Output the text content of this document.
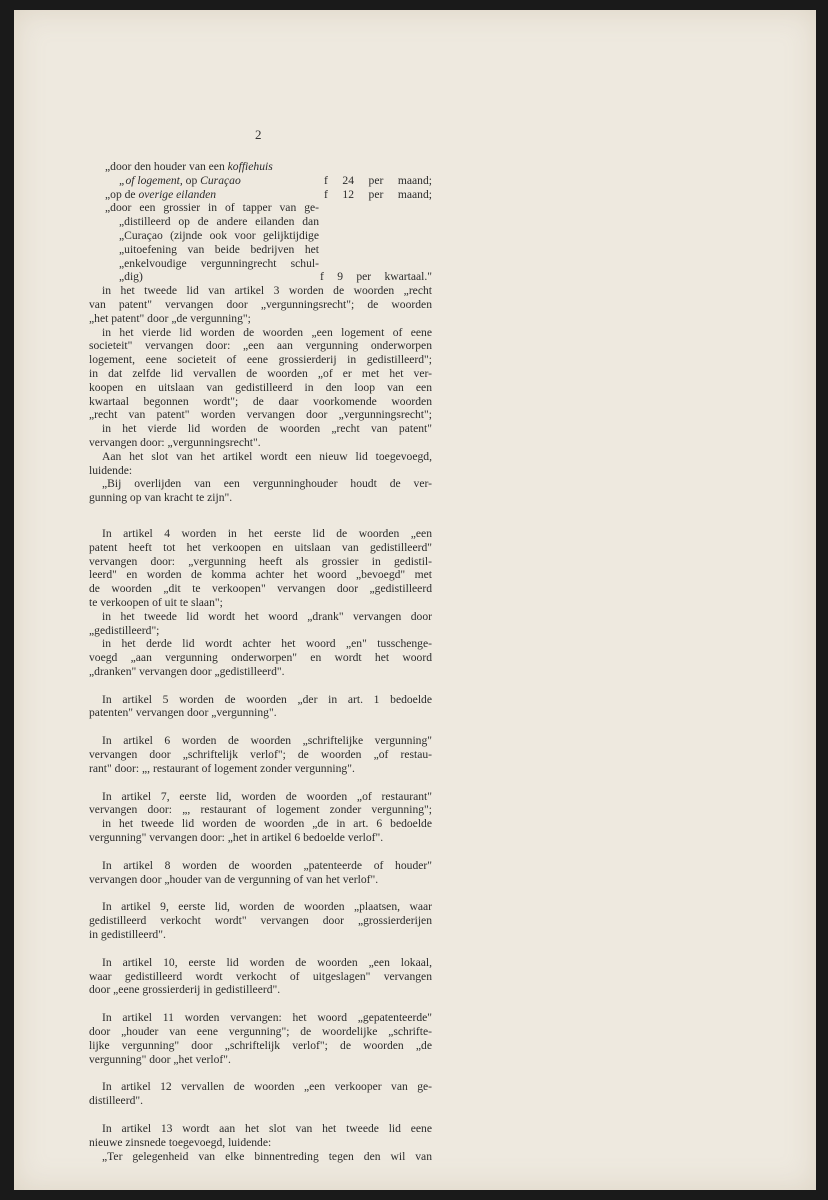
2
„door den houder van een koffiehuis
„of logement, op Curaçao	f 24 per maand;
„op de overige eilanden	f 12 per maand;
„door een grossier in of tapper van ge-
„distilleerd op de andere eilanden dan
„Curaçao (zijnde ook voor gelijktijdige
„uitoefening van beide bedrijven het
„enkelvoudige vergunningrecht schul-
„dig)	f 9 per kwartaal."
in het tweede lid van artikel 3 worden de woorden „recht
van patent" vervangen door „vergunningsrecht"; de woorden
„het patent" door „de vergunning";
in het vierde lid worden de woorden „een logement of eene
societeit" vervangen door: „een aan vergunning onderworpen
logement, eene societeit of eene grossierderij in gedistilleerd";
in dat zelfde lid vervallen de woorden „of er met het ver-
koopen en uitslaan van gedistilleerd in den loop van een
kwartaal begonnen wordt"; de daar voorkomende woorden
„recht van patent" worden vervangen door „vergunningsrecht";
in het vierde lid worden de woorden „recht van patent"
vervangen door: „vergunningsrecht".
Aan het slot van het artikel wordt een nieuw lid toegevoegd,
luidende:
„Bij overlijden van een vergunninghouder houdt de ver-
gunning op van kracht te zijn".
In artikel 4 worden in het eerste lid de woorden „een
patent heeft tot het verkoopen en uitslaan van gedistilleerd"
vervangen door: „vergunning heeft als grossier in gedistil-
leerd" en worden de komma achter het woord „bevoegd" met
de woorden „dit te verkoopen" vervangen door „gedistilleerd
te verkoopen of uit te slaan";
in het tweede lid wordt het woord „drank" vervangen door
„gedistilleerd";
in het derde lid wordt achter het woord „en" tusschenge-
voegd „aan vergunning onderworpen" en wordt het woord
„dranken" vervangen door „gedistilleerd".
In artikel 5 worden de woorden „der in art. 1 bedoelde
patenten" vervangen door „vergunning".
In artikel 6 worden de woorden „schriftelijke vergunning"
vervangen door „schriftelijk verlof"; de woorden „of restau-
rant" door: „, restaurant of logement zonder vergunning".
In artikel 7, eerste lid, worden de woorden „of restaurant"
vervangen door: „, restaurant of logement zonder vergunning";
in het tweede lid worden de woorden „de in art. 6 bedoelde
vergunning" vervangen door: „het in artikel 6 bedoelde verlof".
In artikel 8 worden de woorden „patenteerde of houder"
vervangen door „houder van de vergunning of van het verlof".
In artikel 9, eerste lid, worden de woorden „plaatsen, waar
gedistilleerd verkocht wordt" vervangen door „grossierderijen
in gedistilleerd".
In artikel 10, eerste lid worden de woorden „een lokaal,
waar gedistilleerd wordt verkocht of uitgeslagen" vervangen
door „eene grossierderij in gedistilleerd".
In artikel 11 worden vervangen: het woord „gepatenteerde"
door „houder van eene vergunning"; de woordelijke „schrifte-
lijke vergunning" door „schriftelijk verlof"; de woorden „de
vergunning" door „het verlof".
In artikel 12 vervallen de woorden „een verkooper van ge-
distilleerd".
In artikel 13 wordt aan het slot van het tweede lid eene
nieuwe zinsnede toegevoegd, luidende:
„Ter gelegenheid van elke binnentreding tegen den wil van
